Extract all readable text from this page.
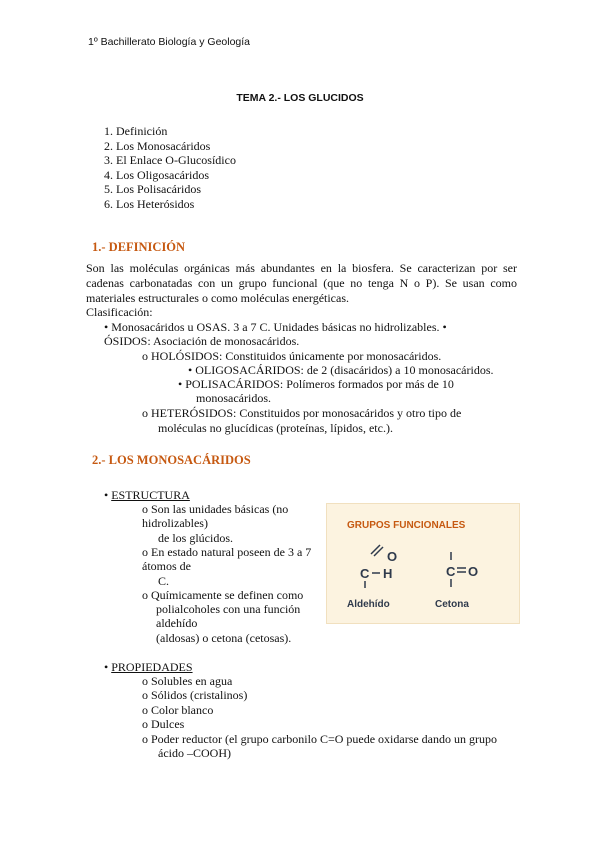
1º Bachillerato Biología y Geología
TEMA 2.- LOS GLUCIDOS
1. Definición
2. Los Monosacáridos
3. El Enlace O-Glucosídico
4. Los Oligosacáridos
5. Los Polisacáridos
6. Los Heterósidos
1.- DEFINICIÓN
Son las moléculas orgánicas más abundantes en la biosfera. Se caracterizan por ser cadenas carbonatadas con un grupo funcional (que no tenga N o P). Se usan como materiales estructurales o como moléculas energéticas.
Clasificación:
• Monosacáridos u OSAS. 3 a 7 C. Unidades básicas no hidrolizables. •
ÓSIDOS: Asociación de monosacáridos.
o HOLÓSIDOS: Constituidos únicamente por monosacáridos.
• OLIGOSACÁRIDOS: de 2 (disacáridos) a 10 monosacáridos.
• POLISACÁRIDOS: Polímeros formados por más de 10
monosacáridos.
o HETERÓSIDOS: Constituidos por monosacáridos y otro tipo de
moléculas no glucídicas (proteínas, lípidos, etc.).
2.- LOS MONOSACÁRIDOS
• ESTRUCTURA
o Son las unidades básicas (no
hidrolizables)
de los glúcidos.
o En estado natural poseen de 3 a 7
átomos de
C.
o Químicamente se definen como
polialcoholes con una función
aldehído
(aldosas) o cetona (cetosas).
GRUPOS FUNCIONALES
O
C H	C O
Aldehído	Cetona
• PROPIEDADES
o Solubles en agua
o Sólidos (cristalinos)
o Color blanco
o Dulces
o Poder reductor (el grupo carbonilo C=O puede oxidarse dando un grupo
ácido –COOH)
